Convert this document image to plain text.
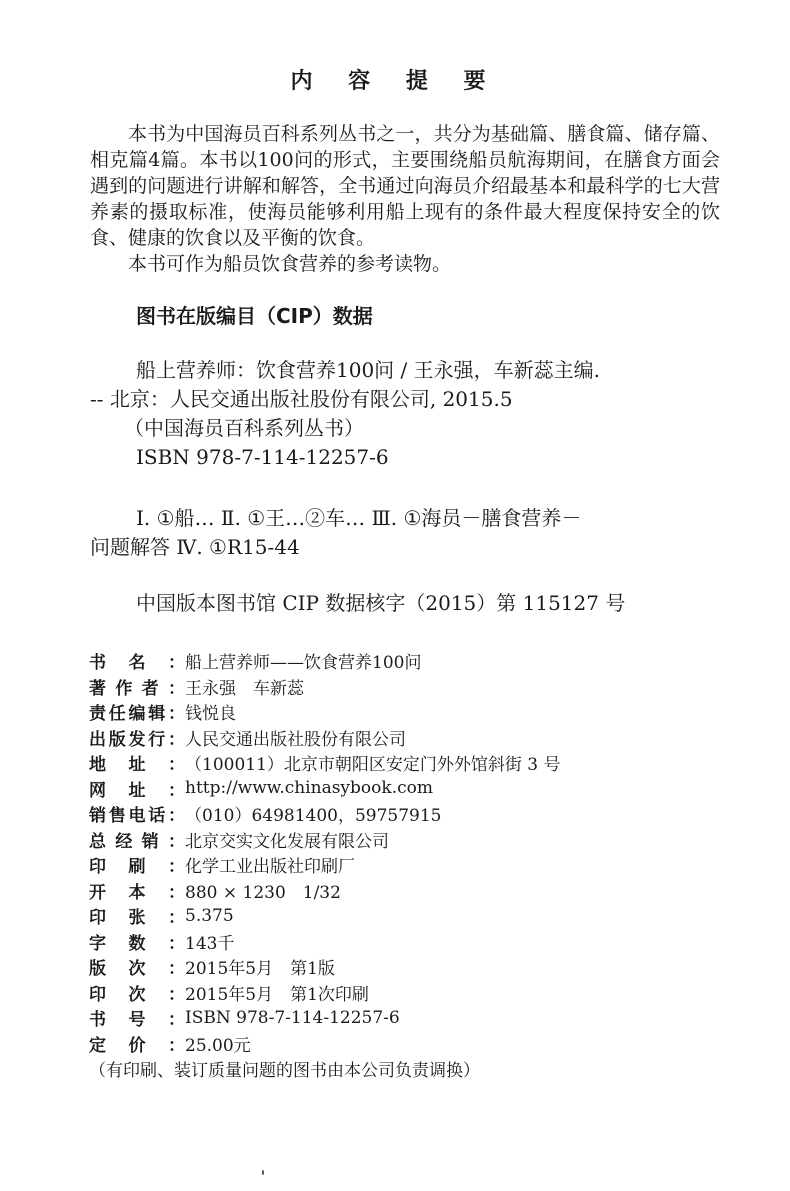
内 容 提 要

本书为中国海员百科系列丛书之一，共分为基础篇、膳食篇、储存篇、相克篇4篇。本书以100问的形式，主要围绕船员航海期间，在膳食方面会遇到的问题进行讲解和解答，全书通过向海员介绍最基本和最科学的七大营养素的摄取标准，使海员能够利用船上现有的条件最大程度保持安全的饮食、健康的饮食以及平衡的饮食。

本书可作为船员饮食营养的参考读物。

图书在版编目（CIP）数据
船上营养师：饮食营养100问 / 王永强，车新蕊主编.
-- 北京：人民交通出版社股份有限公司, 2015.5
（中国海员百科系列丛书）
ISBN 978-7-114-12257-6
Ⅰ. ①船… Ⅱ. ①王…②车… Ⅲ. ①海员－膳食营养－
问题解答 Ⅳ. ①R15-44
中国版本图书馆 CIP 数据核字（2015）第 115127 号
书 名 ： 船上营养师——饮食营养100问
著 作 者 ： 王永强　车新蕊
责 任 编 辑 ： 钱悦良
出 版 发 行 ： 人民交通出版社股份有限公司
地 址 ： （100011）北京市朝阳区安定门外外馆斜街 3 号
网 址 ： http://www.chinasybook.com
销 售 电 话 ： （010）64981400，59757915
总 经 销 ： 北京交实文化发展有限公司
印 刷 ： 化学工业出版社印刷厂
开 本 ： 880 × 1230　1/32
印 张 ： 5.375
字 数 ： 143千
版 次 ： 2015年5月　第1版
印 次 ： 2015年5月　第1次印刷
书 号 ： ISBN 978-7-114-12257-6
定 价 ： 25.00元
（有印刷、装订质量问题的图书由本公司负责调换）
